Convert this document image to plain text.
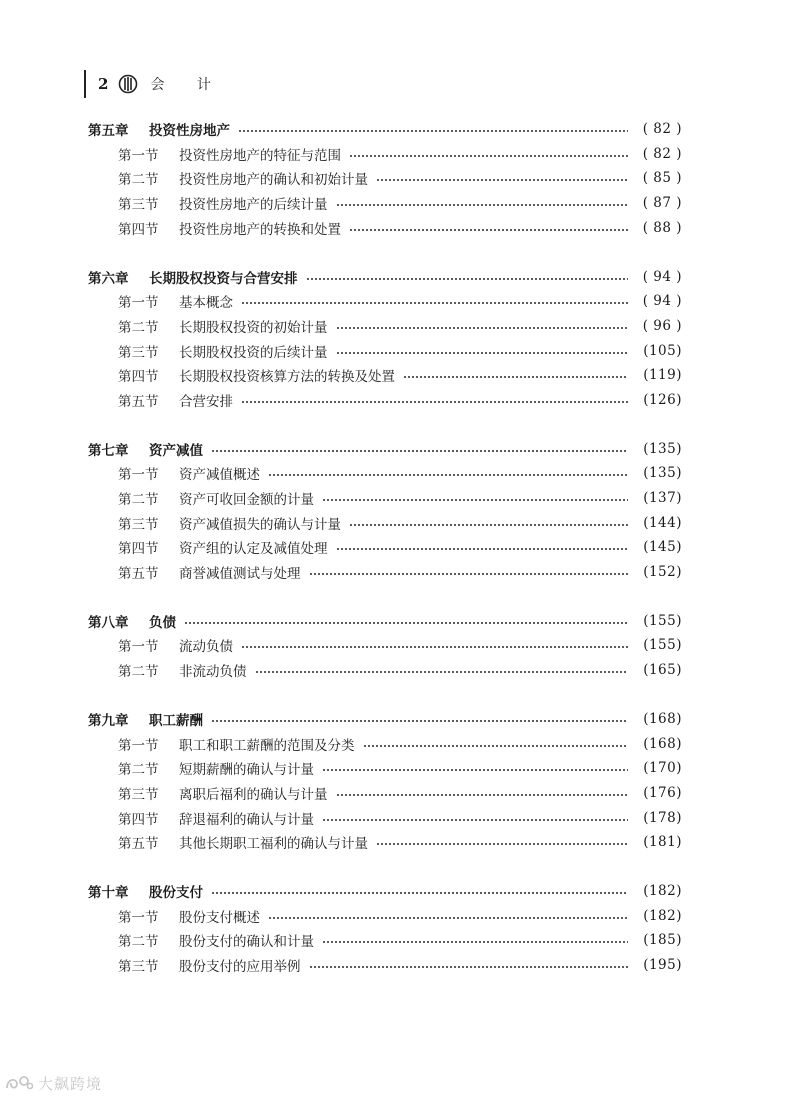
2	会 计
第五章	投资性房地产	( 82 )
第一节	投资性房地产的特征与范围	( 82 )
第二节	投资性房地产的确认和初始计量	( 85 )
第三节	投资性房地产的后续计量	( 87 )
第四节	投资性房地产的转换和处置	( 88 )
第六章	长期股权投资与合营安排	( 94 )
第一节	基本概念	( 94 )
第二节	长期股权投资的初始计量	( 96 )
第三节	长期股权投资的后续计量	(105)
第四节	长期股权投资核算方法的转换及处置	(119)
第五节	合营安排	(126)
第七章	资产减值	(135)
第一节	资产减值概述	(135)
第二节	资产可收回金额的计量	(137)
第三节	资产减值损失的确认与计量	(144)
第四节	资产组的认定及减值处理	(145)
第五节	商誉减值测试与处理	(152)
第八章	负债	(155)
第一节	流动负债	(155)
第二节	非流动负债	(165)
第九章	职工薪酬	(168)
第一节	职工和职工薪酬的范围及分类	(168)
第二节	短期薪酬的确认与计量	(170)
第三节	离职后福利的确认与计量	(176)
第四节	辞退福利的确认与计量	(178)
第五节	其他长期职工福利的确认与计量	(181)
第十章	股份支付	(182)
第一节	股份支付概述	(182)
第二节	股份支付的确认和计量	(185)
第三节	股份支付的应用举例	(195)
大飙跨境
